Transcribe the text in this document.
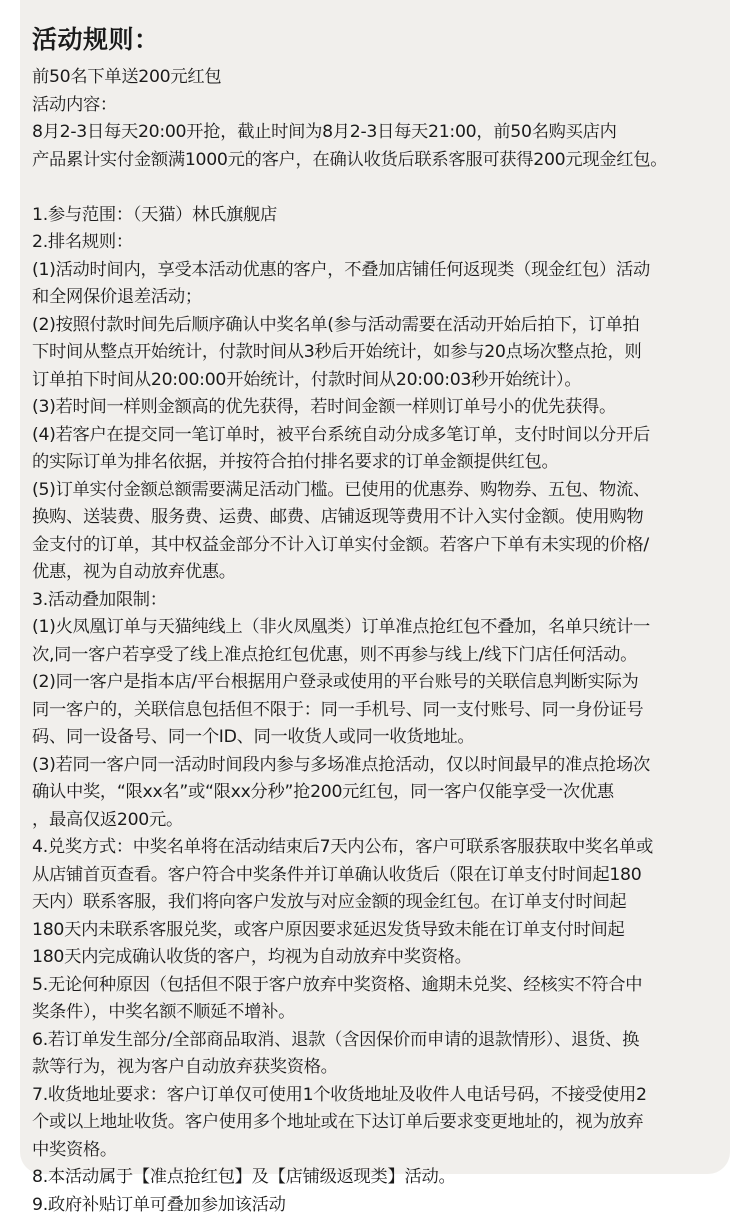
活动规则：
前50名下单送200元红包
活动内容：
8月2-3日每天20:00开抢，截止时间为8月2-3日每天21:00，前50名购买店内
产品累计实付金额满1000元的客户，在确认收货后联系客服可获得200元现金红包。
1.参与范围：（天猫）林氏旗舰店
2.排名规则：
(1)活动时间内，享受本活动优惠的客户，不叠加店铺任何返现类（现金红包）活动
和全网保价退差活动；
(2)按照付款时间先后顺序确认中奖名单(参与活动需要在活动开始后拍下，订单拍
下时间从整点开始统计，付款时间从3秒后开始统计，如参与20点场次整点抢，则
订单拍下时间从20:00:00开始统计，付款时间从20:00:03秒开始统计）。
(3)若时间一样则金额高的优先获得，若时间金额一样则订单号小的优先获得。
(4)若客户在提交同一笔订单时，被平台系统自动分成多笔订单，支付时间以分开后
的实际订单为排名依据，并按符合拍付排名要求的订单金额提供红包。
(5)订单实付金额总额需要满足活动门槛。已使用的优惠券、购物券、五包、物流、
换购、送装费、服务费、运费、邮费、店铺返现等费用不计入实付金额。使用购物
金支付的订单，其中权益金部分不计入订单实付金额。若客户下单有未实现的价格/
优惠，视为自动放弃优惠。
3.活动叠加限制：
(1)火凤凰订单与天猫纯线上（非火凤凰类）订单准点抢红包不叠加，名单只统计一
次,同一客户若享受了线上准点抢红包优惠，则不再参与线上/线下门店任何活动。
(2)同一客户是指本店/平台根据用户登录或使用的平台账号的关联信息判断实际为
同一客户的，关联信息包括但不限于：同一手机号、同一支付账号、同一身份证号
码、同一设备号、同一个ID、同一收货人或同一收货地址。
(3)若同一客户同一活动时间段内参与多场准点抢活动，仅以时间最早的准点抢场次
确认中奖，“限xx名”或“限xx分秒”抢200元红包，同一客户仅能享受一次优惠
，最高仅返200元。
4.兑奖方式：中奖名单将在活动结束后7天内公布，客户可联系客服获取中奖名单或
从店铺首页查看。客户符合中奖条件并订单确认收货后（限在订单支付时间起180
天内）联系客服，我们将向客户发放与对应金额的现金红包。在订单支付时间起
180天内未联系客服兑奖，或客户原因要求延迟发货导致未能在订单支付时间起
180天内完成确认收货的客户，均视为自动放弃中奖资格。
5.无论何种原因（包括但不限于客户放弃中奖资格、逾期未兑奖、经核实不符合中
奖条件），中奖名额不顺延不增补。
6.若订单发生部分/全部商品取消、退款（含因保价而申请的退款情形）、退货、换
款等行为，视为客户自动放弃获奖资格。
7.收货地址要求：客户订单仅可使用1个收货地址及收件人电话号码，不接受使用2
个或以上地址收货。客户使用多个地址或在下达订单后要求变更地址的，视为放弃
中奖资格。
8.本活动属于【准点抢红包】及【店铺级返现类】活动。
9.政府补贴订单可叠加参加该活动
